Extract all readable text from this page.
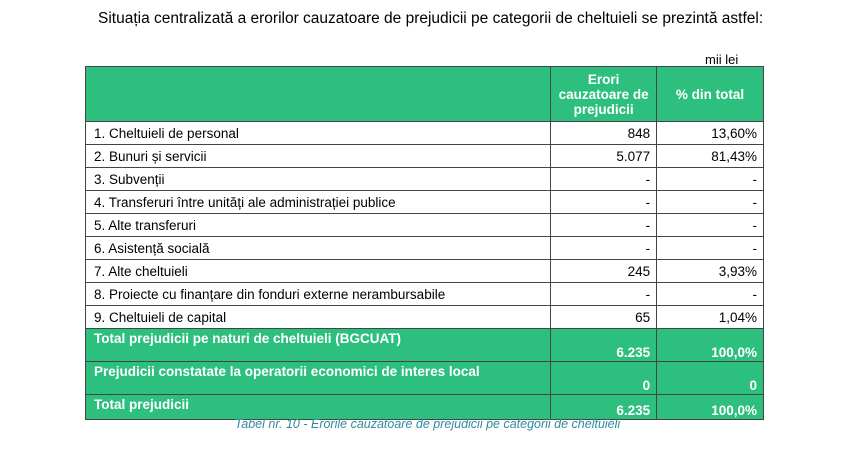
Situația centralizată a erorilor cauzatoare de prejudicii pe categorii de cheltuieli se prezintă astfel:

mii lei
	Erori cauzatoare de prejudicii	% din total
1. Cheltuieli de personal	848	13,60%
2. Bunuri și servicii	5.077	81,43%
3. Subvenții	-	-
4. Transferuri între unități ale administrației publice	-	-
5. Alte transferuri	-	-
6. Asistență socială	-	-
7. Alte cheltuieli	245	3,93%
8. Proiecte cu finanțare din fonduri externe nerambursabile	-	-
9. Cheltuieli de capital	65	1,04%
Total prejudicii pe naturi de cheltuieli (BGCUAT)	6.235	100,0%
Prejudicii constatate la operatorii economici de interes local	0	0
Total prejudicii	6.235	100,0%
Tabel nr. 10 - Erorile cauzatoare de prejudicii pe categorii de cheltuieli
